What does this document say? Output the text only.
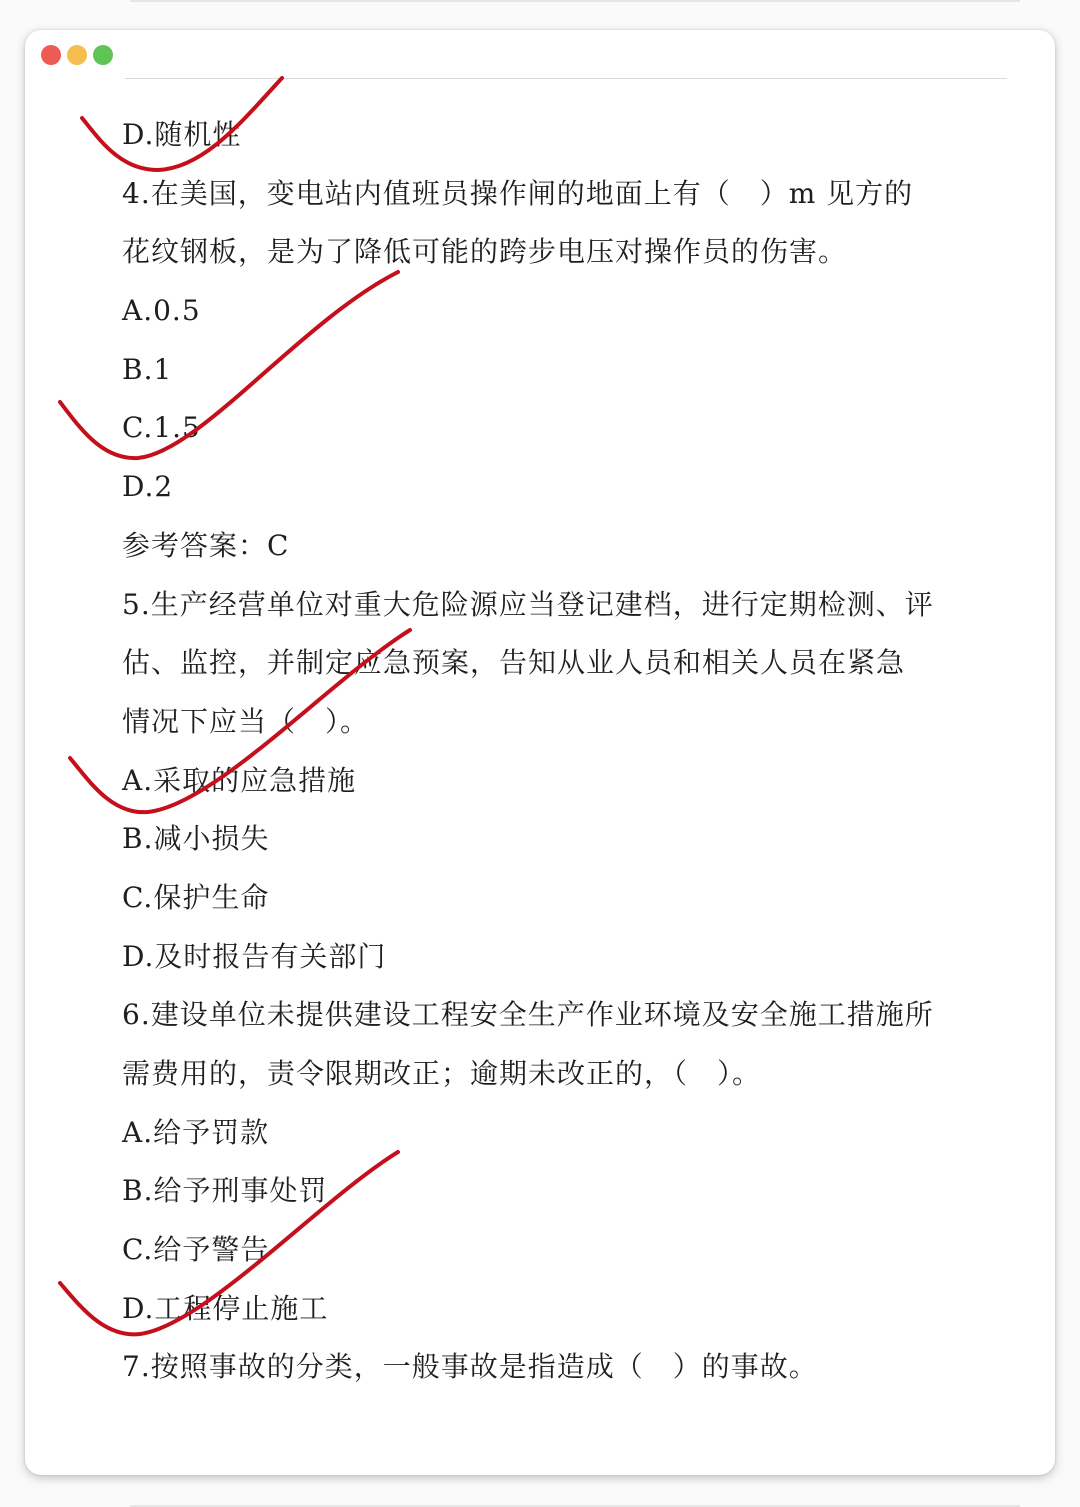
D.随机性
4.在美国，变电站内值班员操作闸的地面上有（　）m 见方的
花纹钢板，是为了降低可能的跨步电压对操作员的伤害。
A.0.5
B.1
C.1.5
D.2
参考答案：C
5.生产经营单位对重大危险源应当登记建档，进行定期检测、评
估、监控，并制定应急预案，告知从业人员和相关人员在紧急
情况下应当（　）。
A.采取的应急措施
B.减小损失
C.保护生命
D.及时报告有关部门
6.建设单位未提供建设工程安全生产作业环境及安全施工措施所
需费用的，责令限期改正；逾期未改正的，（　）。
A.给予罚款
B.给予刑事处罚
C.给予警告
D.工程停止施工
7.按照事故的分类，一般事故是指造成（　）的事故。
